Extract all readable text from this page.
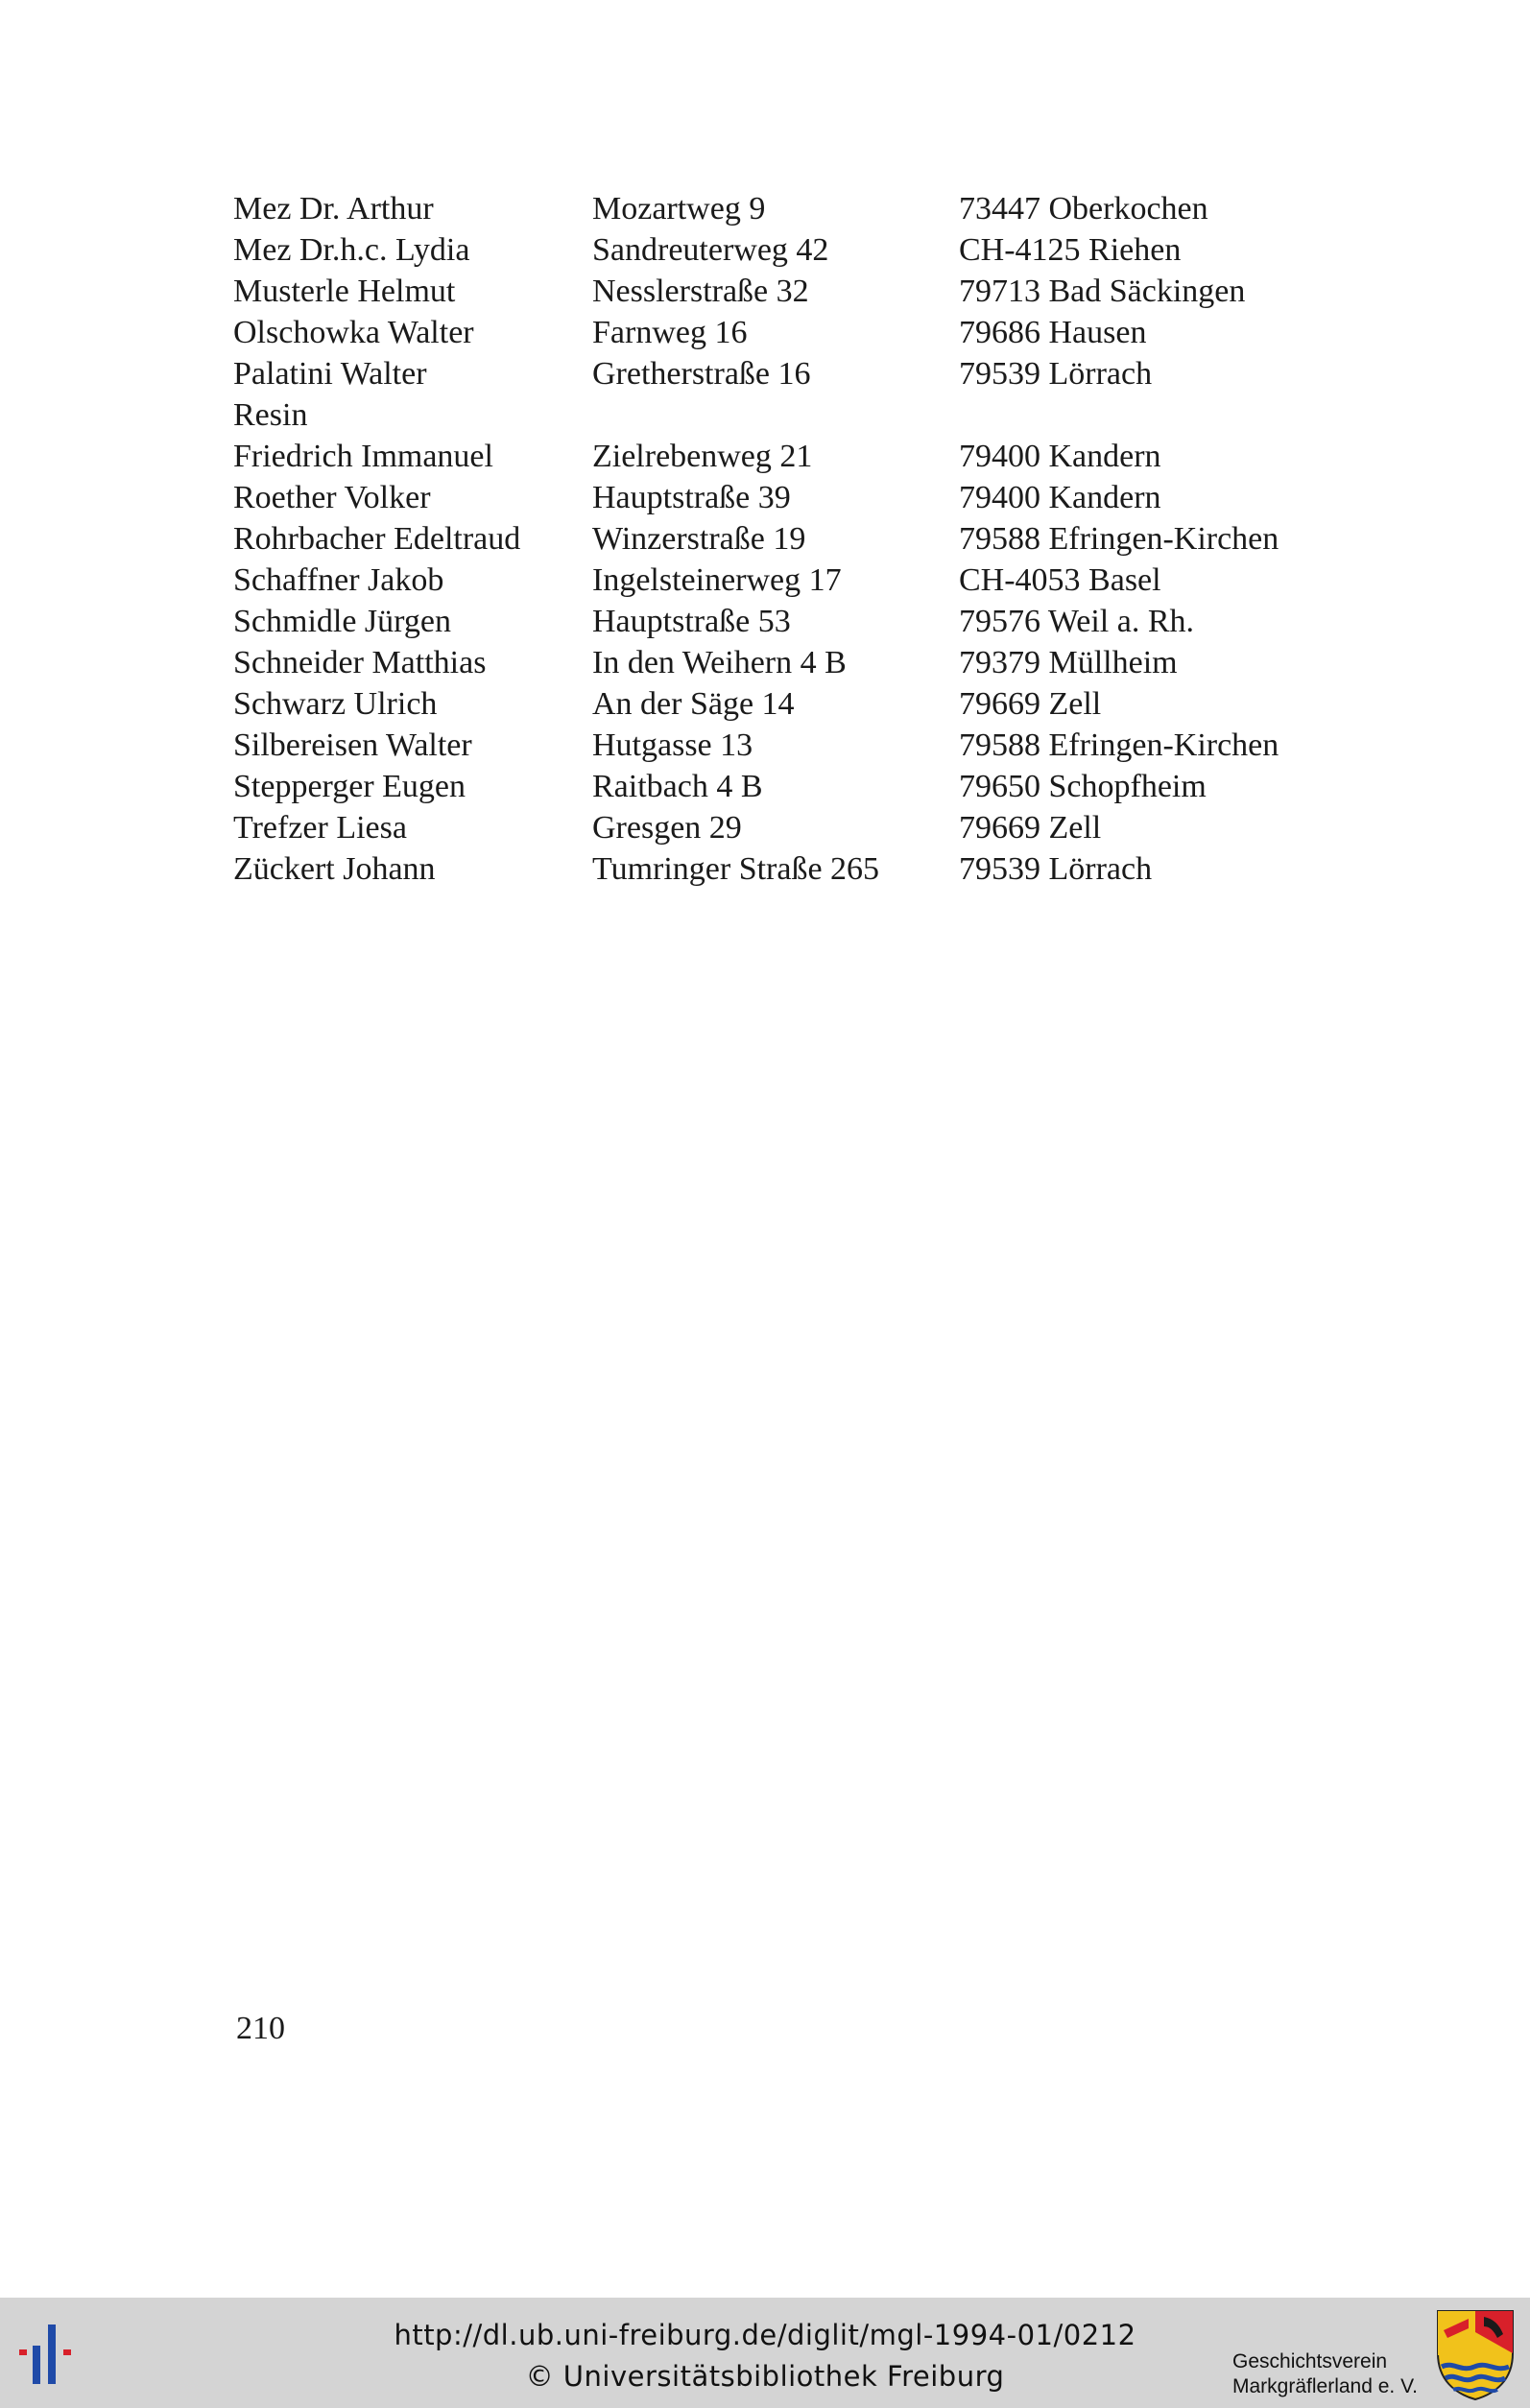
Mez Dr. Arthur	Mozartweg 9	73447 Oberkochen
Mez Dr.h.c. Lydia	Sandreuterweg 42	CH-4125 Riehen
Musterle Helmut	Nesslerstraße 32	79713 Bad Säckingen
Olschowka Walter	Farnweg 16	79686 Hausen
Palatini Walter	Gretherstraße 16	79539 Lörrach
Resin
Friedrich Immanuel	Zielrebenweg 21	79400 Kandern
Roether Volker	Hauptstraße 39	79400 Kandern
Rohrbacher Edeltraud	Winzerstraße 19	79588 Efringen-Kirchen
Schaffner Jakob	Ingelsteinerweg 17	CH-4053 Basel
Schmidle Jürgen	Hauptstraße 53	79576 Weil a. Rh.
Schneider Matthias	In den Weihern 4 B	79379 Müllheim
Schwarz Ulrich	An der Säge 14	79669 Zell
Silbereisen Walter	Hutgasse 13	79588 Efringen-Kirchen
Stepperger Eugen	Raitbach 4 B	79650 Schopfheim
Trefzer Liesa	Gresgen 29	79669 Zell
Zückert Johann	Tumringer Straße 265	79539 Lörrach
210
http://dl.ub.uni-freiburg.de/diglit/mgl-1994-01/0212
© Universitätsbibliothek Freiburg	Geschichtsverein
Markgräflerland e. V.
